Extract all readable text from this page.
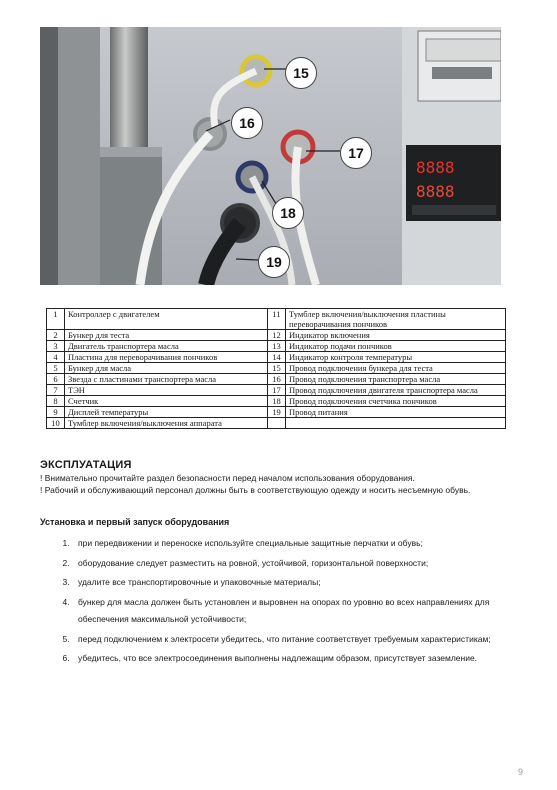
8888
8888
15
16
17
18
19
1	Контроллер с двигателем	11	Тумблер включения/выключения пластины переворачивания пончиков
2	Бункер для теста	12	Индикатор включения
3	Двигатель транспортера масла	13	Индикатор подачи пончиков
4	Пластина для переворачивания пончиков	14	Индикатор контроля температуры
5	Бункер для масла	15	Провод подключения бункера для теста
6	Звезда с пластинами транспортера масла	16	Провод подключения транспортера масла
7	ТЭН	17	Провод подключения двигателя транспортера масла
8	Счетчик	18	Провод подключения счетчика пончиков
9	Дисплей температуры	19	Провод питания
10	Тумблер включения/выключения аппарата		
ЭКСПЛУАТАЦИЯ
! Внимательно прочитайте раздел безопасности перед началом использования оборудования.
! Рабочий и обслуживающий персонал должны быть в соответствующую одежду и носить несъемную обувь.
Установка и первый запуск оборудования
1. при передвижении и переноске используйте специальные защитные перчатки и обувь;
2. оборудование следует разместить на ровной, устойчивой, горизонтальной поверхности;
3. удалите все транспортировочные и упаковочные материалы;
4. бункер для масла должен быть установлен и выровнен на опорах по уровню во всех направлениях для обеспечения максимальной устойчивости;
5. перед подключением к электросети убедитесь, что питание соответствует требуемым характеристикам;
6. убедитесь, что все электросоединения выполнены надлежащим образом, присутствует заземление.
9
